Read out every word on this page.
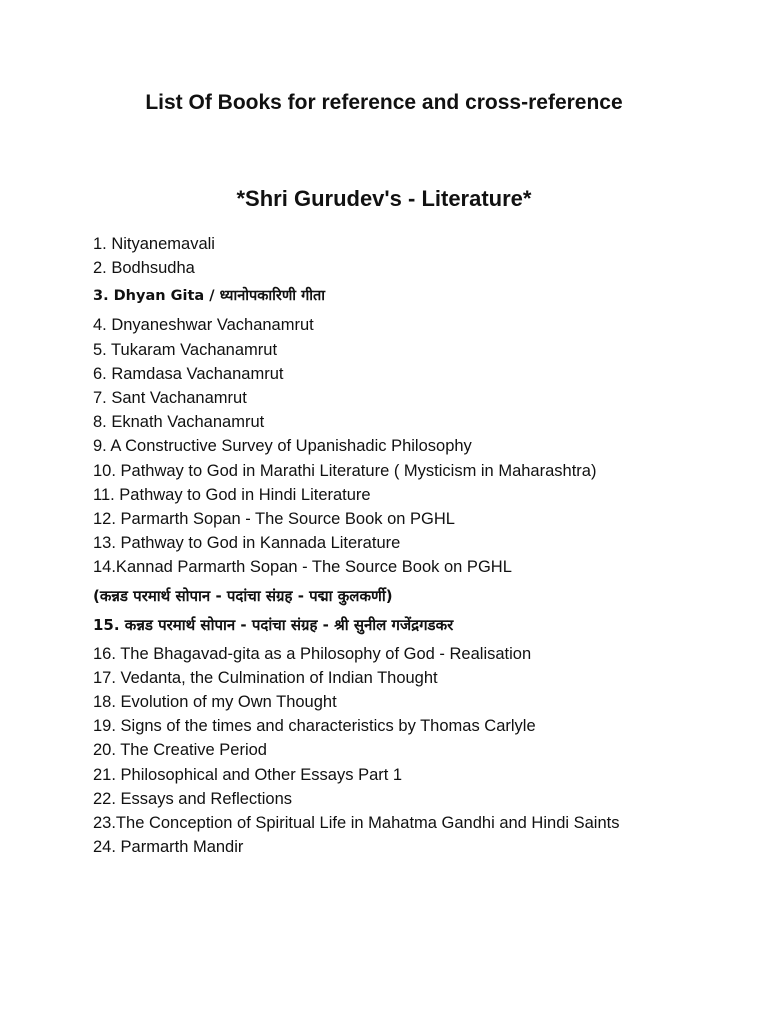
List Of Books for reference and cross-reference
*Shri Gurudev's - Literature*
1. Nityanemavali
2. Bodhsudha
3. Dhyan Gita / ध्यानोपकारिणी गीता
4. Dnyaneshwar Vachanamrut
5. Tukaram Vachanamrut
6. Ramdasa Vachanamrut
7. Sant Vachanamrut
8. Eknath Vachanamrut
9. A Constructive Survey of Upanishadic Philosophy
10. Pathway to God in Marathi Literature ( Mysticism in Maharashtra)
11. Pathway to God in Hindi Literature
12. Parmarth Sopan - The Source Book on PGHL
13. Pathway to God in Kannada Literature
14.Kannad Parmarth Sopan - The Source Book on PGHL
(कन्नड परमार्थ सोपान - पदांचा संग्रह - पद्मा कुलकर्णी)
15. कन्नड परमार्थ सोपान - पदांचा संग्रह - श्री सुनील गजेंद्रगडकर
16. The Bhagavad-gita as a Philosophy of God - Realisation
17. Vedanta, the Culmination of Indian Thought
18. Evolution of my Own Thought
19. Signs of the times and characteristics by Thomas Carlyle
20. The Creative Period
21. Philosophical and Other Essays Part 1
22. Essays and Reflections
23.The Conception of Spiritual Life in Mahatma Gandhi and Hindi Saints
24. Parmarth Mandir
